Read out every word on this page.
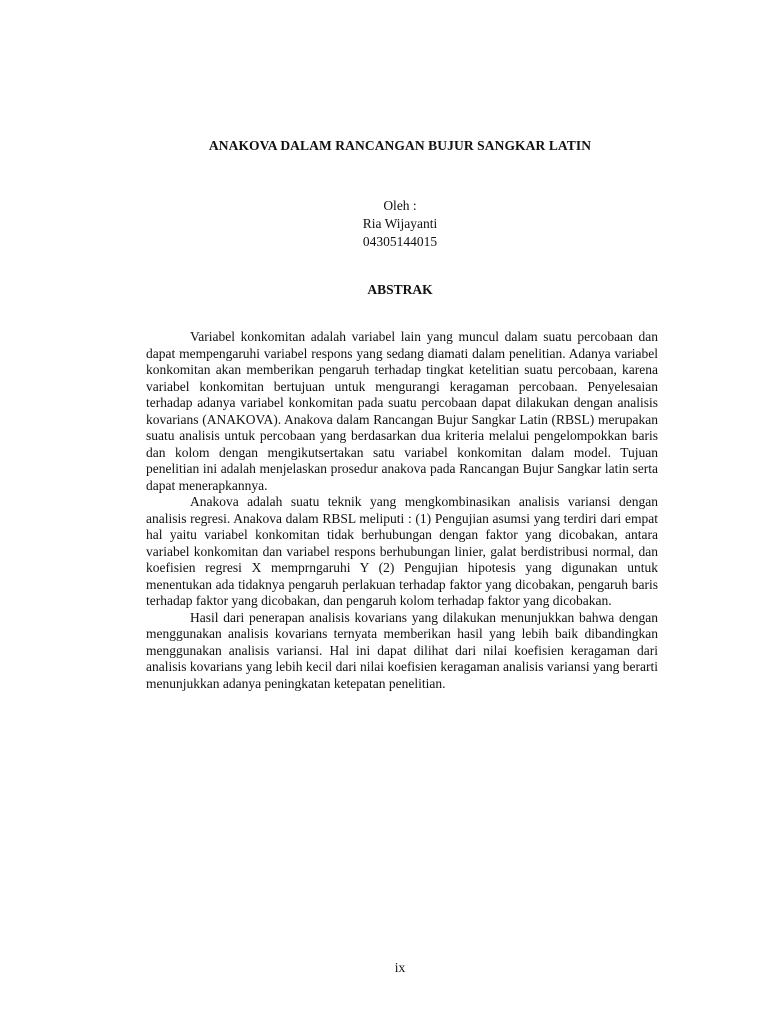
ANAKOVA DALAM RANCANGAN BUJUR SANGKAR LATIN
Oleh :
Ria Wijayanti
04305144015
ABSTRAK

Variabel konkomitan adalah variabel lain yang muncul dalam suatu percobaan dan dapat mempengaruhi variabel respons yang sedang diamati dalam penelitian. Adanya variabel konkomitan akan memberikan pengaruh terhadap tingkat ketelitian suatu percobaan, karena variabel konkomitan bertujuan untuk mengurangi keragaman percobaan. Penyelesaian terhadap adanya variabel konkomitan pada suatu percobaan dapat dilakukan dengan analisis kovarians (ANAKOVA). Anakova dalam Rancangan Bujur Sangkar Latin (RBSL) merupakan suatu analisis untuk percobaan yang berdasarkan dua kriteria melalui pengelompokkan baris dan kolom dengan mengikutsertakan satu variabel konkomitan dalam model. Tujuan penelitian ini adalah menjelaskan prosedur anakova pada Rancangan Bujur Sangkar latin serta dapat menerapkannya.

Anakova adalah suatu teknik yang mengkombinasikan analisis variansi dengan analisis regresi. Anakova dalam RBSL meliputi : (1) Pengujian asumsi yang terdiri dari empat hal yaitu variabel konkomitan tidak berhubungan dengan faktor yang dicobakan, antara variabel konkomitan dan variabel respons berhubungan linier, galat berdistribusi normal, dan koefisien regresi X memprngaruhi Y (2) Pengujian hipotesis yang digunakan untuk menentukan ada tidaknya pengaruh perlakuan terhadap faktor yang dicobakan, pengaruh baris terhadap faktor yang dicobakan, dan pengaruh kolom terhadap faktor yang dicobakan.

Hasil dari penerapan analisis kovarians yang dilakukan menunjukkan bahwa dengan menggunakan analisis kovarians ternyata memberikan hasil yang lebih baik dibandingkan menggunakan analisis variansi. Hal ini dapat dilihat dari nilai koefisien keragaman dari analisis kovarians yang lebih kecil dari nilai koefisien keragaman analisis variansi yang berarti menunjukkan adanya peningkatan ketepatan penelitian.

ix
